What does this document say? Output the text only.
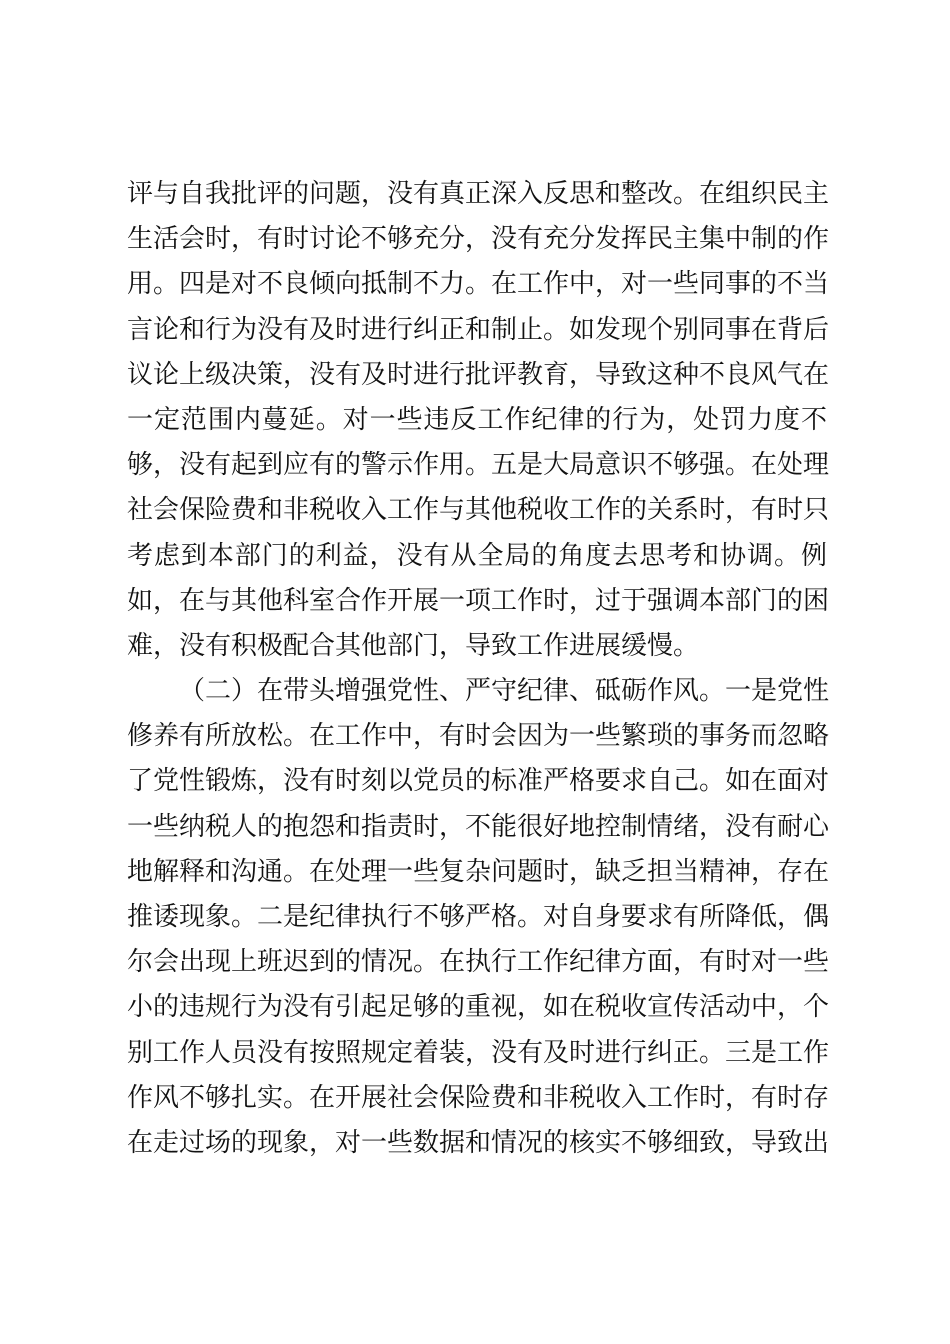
评与自我批评的问题，没有真正深入反思和整改。在组织民主
生活会时，有时讨论不够充分，没有充分发挥民主集中制的作
用。四是对不良倾向抵制不力。在工作中，对一些同事的不当
言论和行为没有及时进行纠正和制止。如发现个别同事在背后
议论上级决策，没有及时进行批评教育，导致这种不良风气在
一定范围内蔓延。对一些违反工作纪律的行为，处罚力度不
够，没有起到应有的警示作用。五是大局意识不够强。在处理
社会保险费和非税收入工作与其他税收工作的关系时，有时只
考虑到本部门的利益，没有从全局的角度去思考和协调。例
如，在与其他科室合作开展一项工作时，过于强调本部门的困
难，没有积极配合其他部门，导致工作进展缓慢。
（二）在带头增强党性、严守纪律、砥砺作风。一是党性
修养有所放松。在工作中，有时会因为一些繁琐的事务而忽略
了党性锻炼，没有时刻以党员的标准严格要求自己。如在面对
一些纳税人的抱怨和指责时，不能很好地控制情绪，没有耐心
地解释和沟通。在处理一些复杂问题时，缺乏担当精神，存在
推诿现象。二是纪律执行不够严格。对自身要求有所降低，偶
尔会出现上班迟到的情况。在执行工作纪律方面，有时对一些
小的违规行为没有引起足够的重视，如在税收宣传活动中，个
别工作人员没有按照规定着装，没有及时进行纠正。三是工作
作风不够扎实。在开展社会保险费和非税收入工作时，有时存
在走过场的现象，对一些数据和情况的核实不够细致，导致出
